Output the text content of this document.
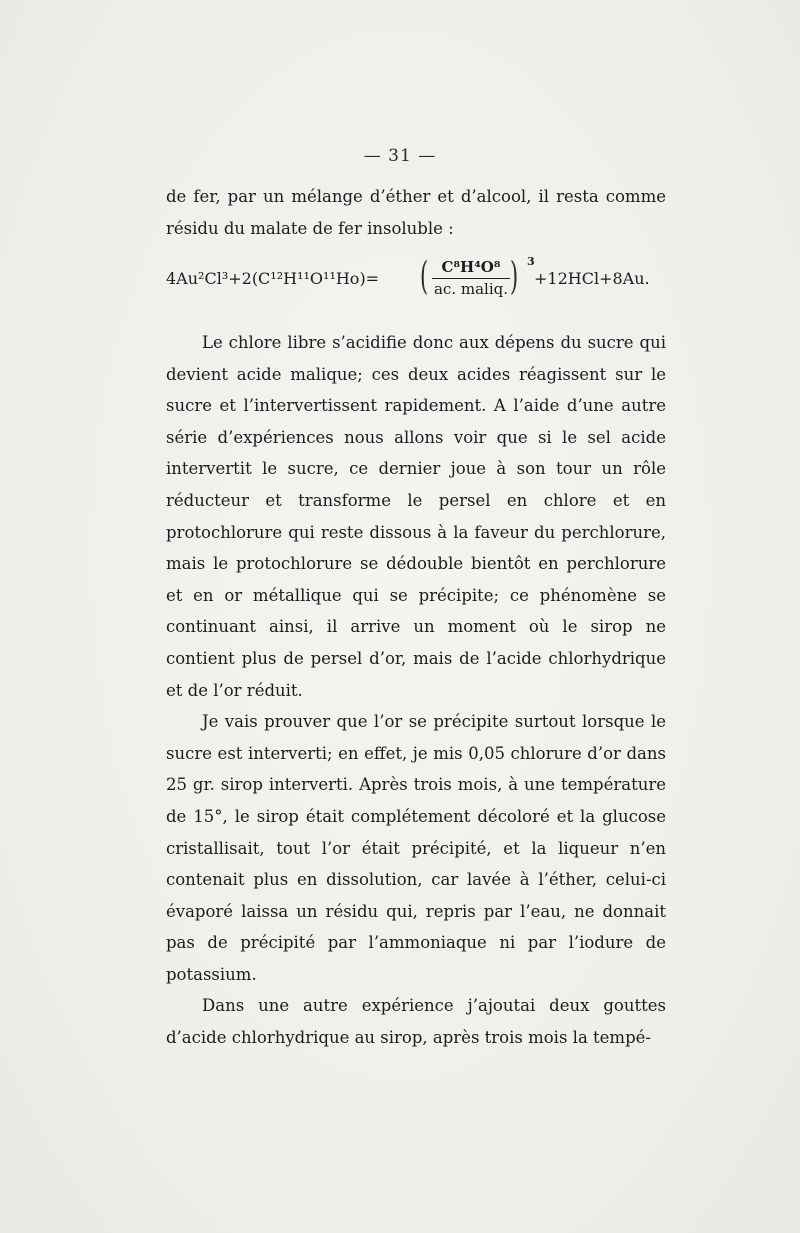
— 31 —

de fer, par un mélange d’éther et d’alcool, il resta comme résidu du malate de fer insoluble :

4Au²Cl³+2(C¹²H¹¹O¹¹Ho)= ( C⁸H⁴O⁸
ac. maliq. ) 3
+12HCl+8Au.

Le chlore libre s’acidifie donc aux dépens du sucre qui devient acide malique; ces deux acides réagissent sur le sucre et l’intervertissent rapidement. A l’aide d’une autre série d’expériences nous allons voir que si le sel acide intervertit le sucre, ce dernier joue à son tour un rôle réducteur et transforme le persel en chlore et en protochlorure qui reste dissous à la faveur du perchlorure, mais le protochlorure se dédouble bientôt en perchlorure et en or métallique qui se précipite; ce phénomène se continuant ainsi, il arrive un moment où le sirop ne contient plus de persel d’or, mais de l’acide chlorhydrique et de l’or réduit.

Je vais prouver que l’or se précipite surtout lorsque le sucre est interverti; en effet, je mis 0,05 chlorure d’or dans 25 gr. sirop interverti. Après trois mois, à une température de 15°, le sirop était complétement décoloré et la glucose cristallisait, tout l’or était précipité, et la liqueur n’en contenait plus en dissolution, car lavée à l’éther, celui-ci évaporé laissa un résidu qui, repris par l’eau, ne donnait pas de précipité par l’ammoniaque ni par l’iodure de potassium.

Dans une autre expérience j’ajoutai deux gouttes d’acide chlorhydrique au sirop, après trois mois la tempé-
